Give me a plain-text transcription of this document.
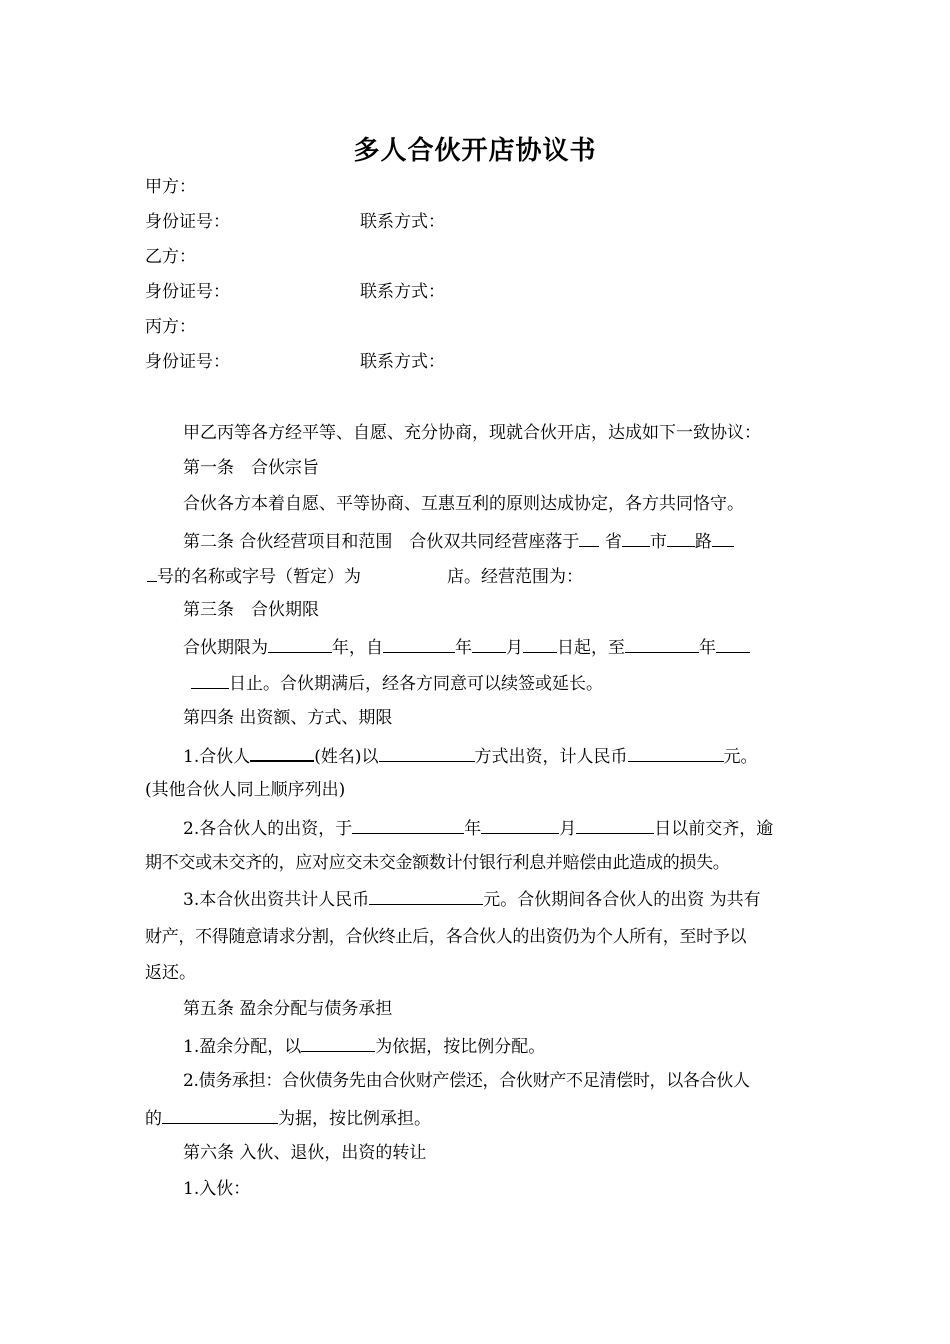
多人合伙开店协议书
甲方：
身份证号：	联系方式：
乙方：
身份证号：	联系方式：
丙方：
身份证号：	联系方式：
甲乙丙等各方经平等、自愿、充分协商，现就合伙开店，达成如下一致协议：
第一条　合伙宗旨
合伙各方本着自愿、平等协商、互惠互利的原则达成协定，各方共同恪守。
第二条 合伙经营项目和范围　合伙双共同经营座落于 省 市 路
号的名称或字号（暂定）为	店。经营范围为：
第三条　合伙期限
合伙期限为	年，自	年 月 日起，至	年
日止。合伙期满后，经各方同意可以续签或延长。
第四条 出资额、方式、期限
1.合伙人	(姓名)以	方式出资，计人民币	元。
(其他合伙人同上顺序列出)
2.各合伙人的出资，于	年	月	日以前交齐，逾
期不交或未交齐的，应对应交未交金额数计付银行利息并赔偿由此造成的损失。
3.本合伙出资共计人民币	元。合伙期间各合伙人的出资 为共有
财产，不得随意请求分割，合伙终止后，各合伙人的出资仍为个人所有，至时予以
返还。
第五条 盈余分配与债务承担
1.盈余分配，以	为依据，按比例分配。
2.债务承担：合伙债务先由合伙财产偿还，合伙财产不足清偿时，以各合伙人
的	为据，按比例承担。
第六条 入伙、退伙，出资的转让
1.入伙：
